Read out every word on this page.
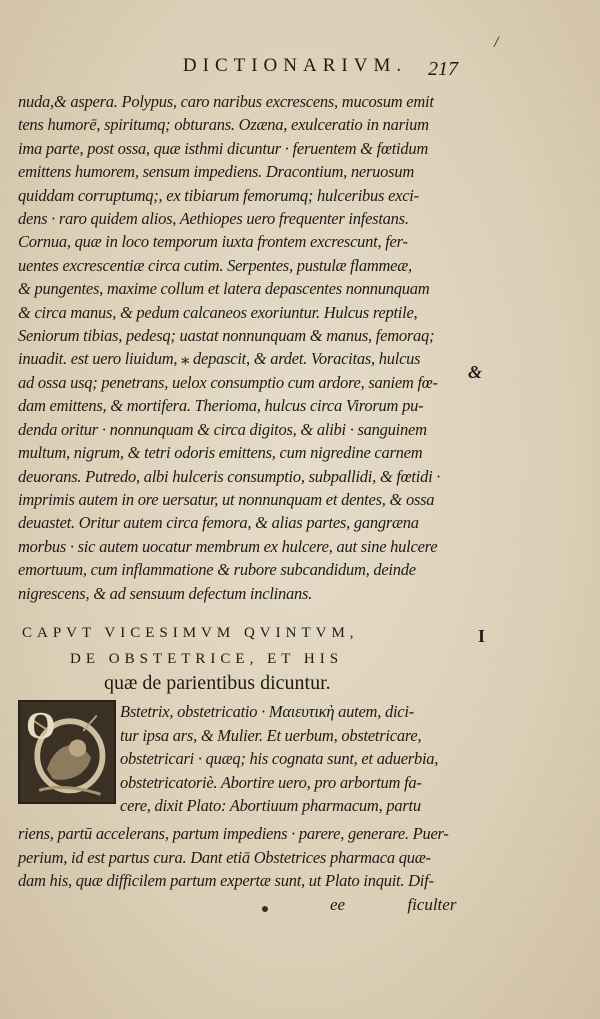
DICTIONARIVM.	217
/
nuda,& aspera. Polypus, caro naribus excrescens, mucosum emit
tens humorē, spiritumq; obturans. Ozæna, exulceratio in narium
ima parte, post ossa, quæ isthmi dicuntur · feruentem & fœtidum
emittens humorem, sensum impediens. Dracontium, neruosum
quiddam corruptumq;, ex tibiarum femorumq; hulceribus exci-
dens · raro quidem alios, Aethiopes uero frequenter infestans.
Cornua, quæ in loco temporum iuxta frontem excrescunt, fer-
uentes excrescentiæ circa cutim. Serpentes, pustulæ flammeæ,
& pungentes, maxime collum et latera depascentes nonnunquam
& circa manus, & pedum calcaneos exoriuntur. Hulcus reptile,
Seniorum tibias, pedesq; uastat nonnunquam & manus, femoraq;
inuadit. est uero liuidum, ⁎ depascit, & ardet. Voracitas, hulcus
ad ossa usq; penetrans, uelox consumptio cum ardore, saniem fœ-
dam emittens, & mortifera. Therioma, hulcus circa Virorum pu-
denda oritur · nonnunquam & circa digitos, & alibi · sanguinem
multum, nigrum, & tetri odoris emittens, cum nigredine carnem
deuorans. Putredo, albi hulceris consumptio, subpallidi, & fœtidi ·
imprimis autem in ore uersatur, ut nonnunquam et dentes, & ossa
deuastet. Oritur autem circa femora, & alias partes, gangræna
morbus · sic autem uocatur membrum ex hulcere, aut sine hulcere
emortuum, cum inflammatione & rubore subcandidum, deinde
nigrescens, & ad sensuum defectum inclinans.
&
CAPVT VICESIMVM QVINTVM,
DE OBSTETRICE, ET HIS
I
quæ de parientibus dicuntur.
O	Bstetrix, obstetricatio · Μαιευτικὴ autem, dici-
tur ipsa ars, & Mulier. Et uerbum, obstetricare,
obstetricari · quæq; his cognata sunt, et aduerbia,
obstetricatoriè. Abortire uero, pro arbortum fa-
cere, dixit Plato: Abortiuum pharmacum, partu
riens, partū accelerans, partum impediens · parere, generare. Puer-
perium, id est partus cura. Dant etiā Obstetrices pharmaca quæ-
dam his, quæ difficilem partum expertæ sunt, ut Plato inquit. Dif-
ee	ficulter
